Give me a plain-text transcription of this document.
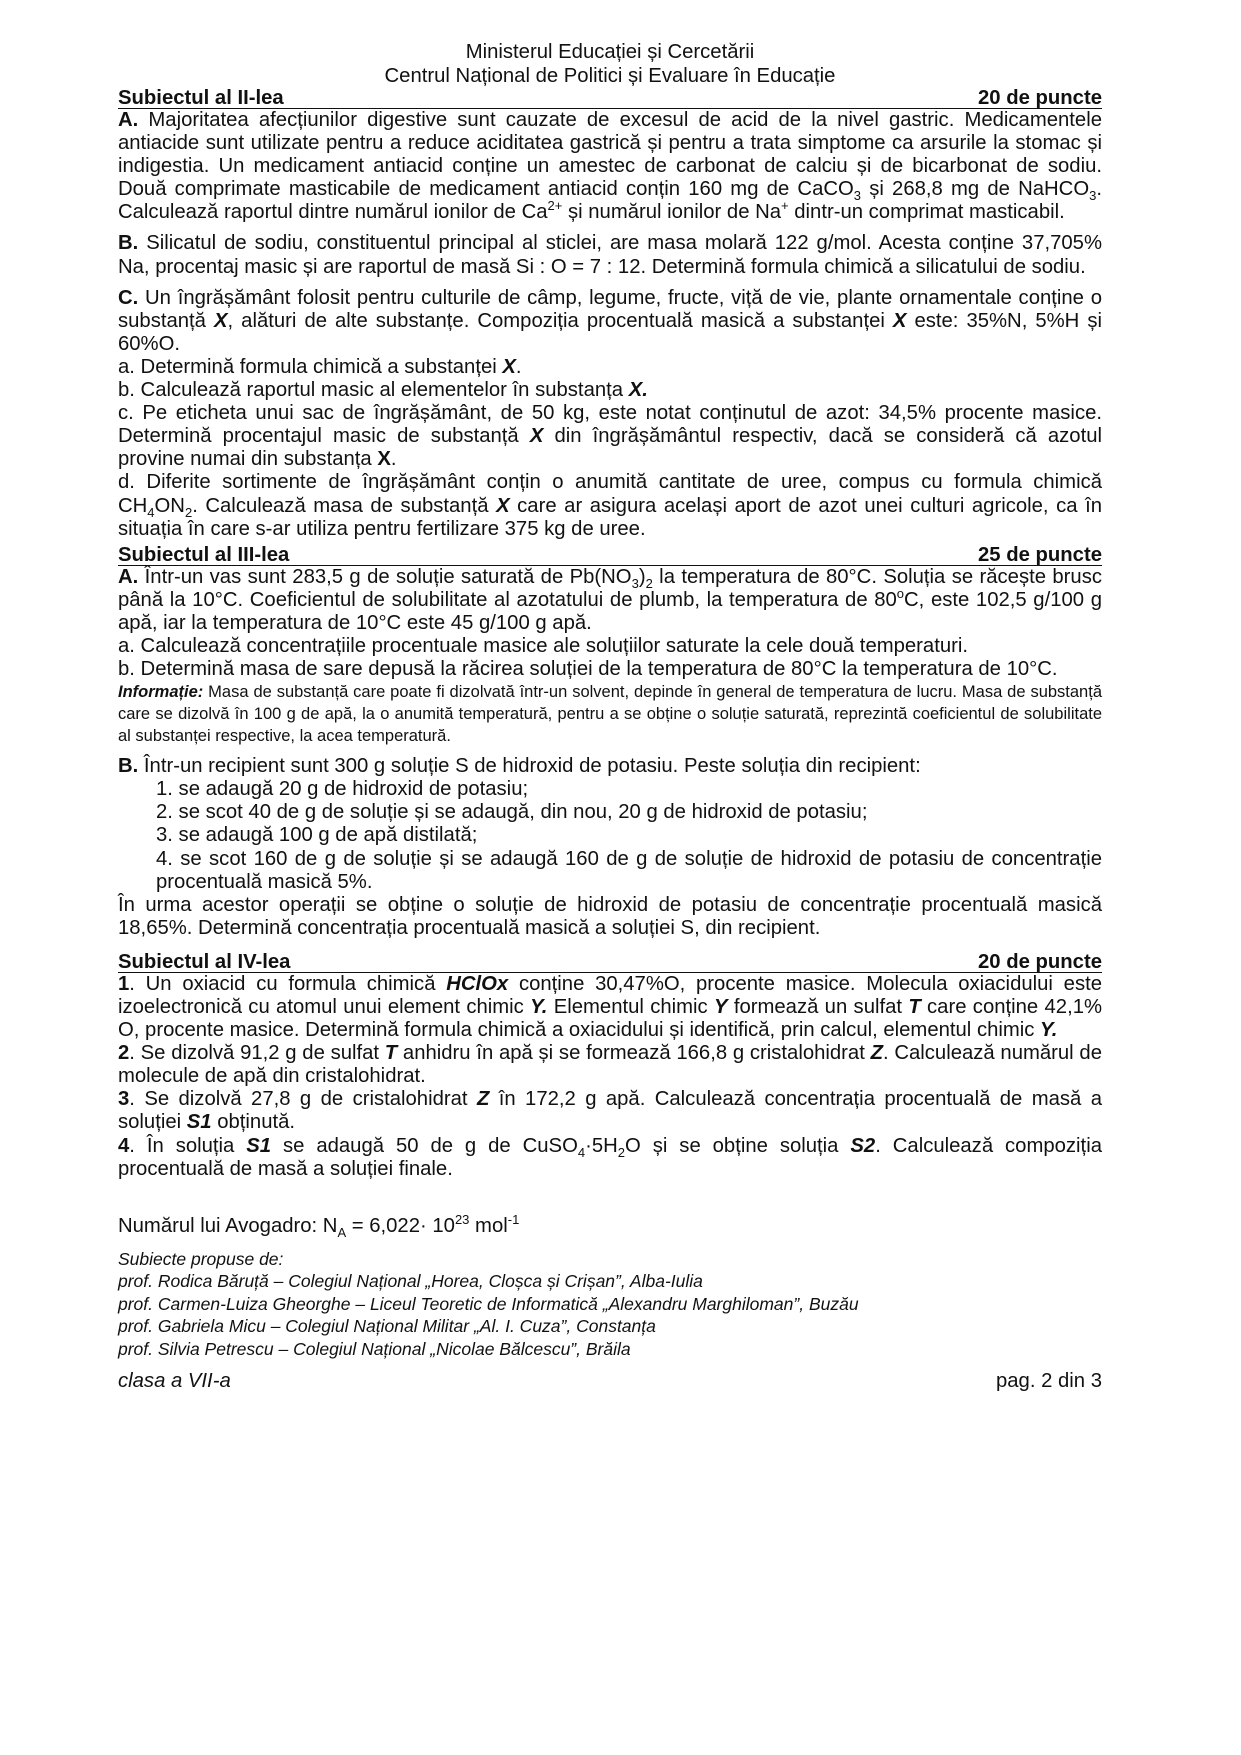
Ministerul Educației și Cercetării
Centrul Național de Politici și Evaluare în Educație
Subiectul al II-lea	20 de puncte

A. Majoritatea afecțiunilor digestive sunt cauzate de excesul de acid de la nivel gastric. Medicamentele antiacide sunt utilizate pentru a reduce aciditatea gastrică și pentru a trata simptome ca arsurile la stomac și indigestia. Un medicament antiacid conține un amestec de carbonat de calciu și de bicarbonat de sodiu. Două comprimate masticabile de medicament antiacid conțin 160 mg de CaCO$_3$ și 268,8 mg de NaHCO$_3$. Calculează raportul dintre numărul ionilor de $Ca^{2+}$ și numărul ionilor de Na+ dintr-un comprimat masticabil.

B. Silicatul de sodiu, constituentul principal al sticlei, are masa molară 122 g/mol. Acesta conține 37,705% Na, procentaj masic și are raportul de masă Si : O = 7 : 12. Determină formula chimică a silicatului de sodiu.

C. Un îngrășământ folosit pentru culturile de câmp, legume, fructe, viță de vie, plante ornamentale conține o substanță X, alături de alte substanțe. Compoziția procentuală masică a substanței X este: 35%N, 5%H și 60%O.

a. Determină formula chimică a substanței X.

b. Calculează raportul masic al elementelor în substanța X.

c. Pe eticheta unui sac de îngrășământ, de 50 kg, este notat conținutul de azot: 34,5% procente masice. Determină procentajul masic de substanță X din îngrășământul respectiv, dacă se consideră că azotul provine numai din substanța X.

d. Diferite sortimente de îngrășământ conțin o anumită cantitate de uree, compus cu formula chimică $CH_4ON_2$. Calculează masa de substanță X care ar asigura același aport de azot unei culturi agricole, ca în situația în care s-ar utiliza pentru fertilizare 375 kg de uree.

Subiectul al III-lea	25 de puncte

A. Într-un vas sunt 283,5 g de soluție saturată de $Pb(NO_3)_2$ la temperatura de 80°C. Soluția se răcește brusc până la 10°C. Coeficientul de solubilitate al azotatului de plumb, la temperatura de 80$^o$C, este 102,5 g/100 g apă, iar la temperatura de 10°C este 45 g/100 g apă.

a. Calculează concentrațiile procentuale masice ale soluțiilor saturate la cele două temperaturi.

b. Determină masa de sare depusă la răcirea soluției de la temperatura de 80°C la temperatura de 10°C.

Informație: Masa de substanță care poate fi dizolvată într-un solvent, depinde în general de temperatura de lucru. Masa de substanță care se dizolvă în 100 g de apă, la o anumită temperatură, pentru a se obține o soluție saturată, reprezintă coeficientul de solubilitate al substanței respective, la acea temperatură.

B. Într-un recipient sunt 300 g soluție S de hidroxid de potasiu. Peste soluția din recipient:

1. se adaugă 20 g de hidroxid de potasiu;

2. se scot 40 de g de soluție și se adaugă, din nou, 20 g de hidroxid de potasiu;

3. se adaugă 100 g de apă distilată;

4. se scot 160 de g de soluție și se adaugă 160 de g de soluție de hidroxid de potasiu de concentrație procentuală masică 5%.

În urma acestor operații se obține o soluție de hidroxid de potasiu de concentrație procentuală masică 18,65%. Determină concentrația procentuală masică a soluției S, din recipient.

Subiectul al IV-lea	20 de puncte

1. Un oxiacid cu formula chimică HClOx conține 30,47%O, procente masice. Molecula oxiacidului este izoelectronică cu atomul unui element chimic Y. Elementul chimic Y formează un sulfat T care conține 42,1% O, procente masice. Determină formula chimică a oxiacidului și identifică, prin calcul, elementul chimic Y.

2. Se dizolvă 91,2 g de sulfat T anhidru în apă și se formează 166,8 g cristalohidrat Z. Calculează numărul de molecule de apă din cristalohidrat.

3. Se dizolvă 27,8 g de cristalohidrat Z în 172,2 g apă. Calculează concentrația procentuală de masă a soluției S1 obținută.

4. În soluția S1 se adaugă 50 de g de $CuSO_4\cdot 5H_2O$ și se obține soluția S2. Calculează compoziția procentuală de masă a soluției finale.

Numărul lui Avogadro: $N_A = 6,022\cdot 10^{23}$ mol$^{-1}$

Subiecte propuse de:
prof. Rodica Băruță – Colegiul Național „Horea, Cloșca și Crișan”, Alba-Iulia
prof. Carmen-Luiza Gheorghe – Liceul Teoretic de Informatică „Alexandru Marghiloman”, Buzău
prof. Gabriela Micu – Colegiul Național Militar „Al. I. Cuza”, Constanța
prof. Silvia Petrescu – Colegiul Național „Nicolae Bălcescu”, Brăila
clasa a VII-a	pag. 2 din 3
